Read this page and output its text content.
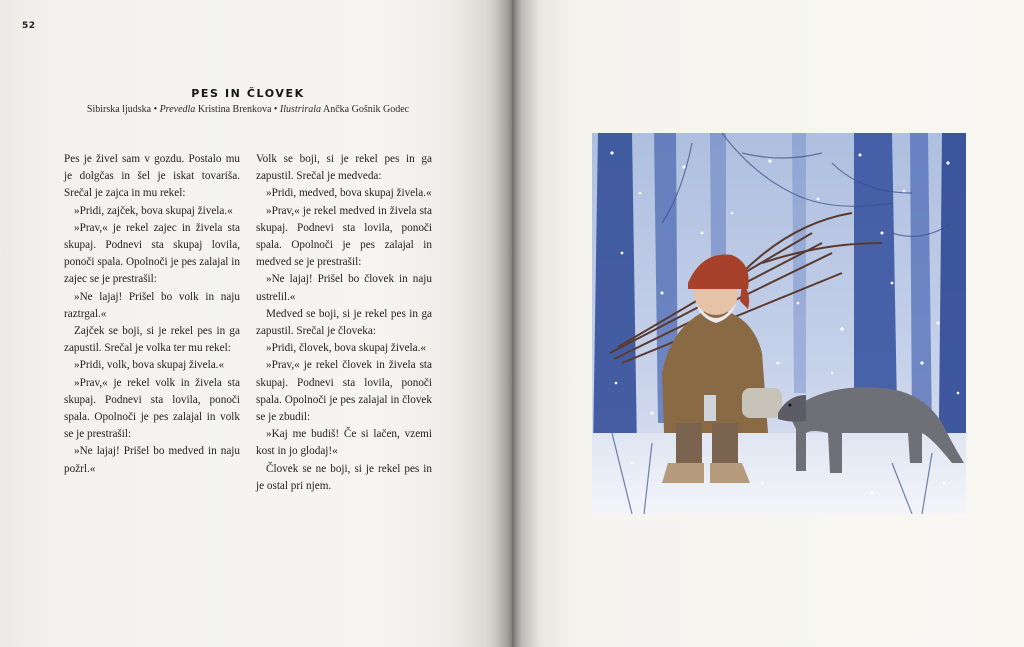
52
PES IN ČLOVEK
Sibirska ljudska • Prevedla Kristina Brenkova • Ilustrirala Ančka Gošnik Godec

Pes je živel sam v gozdu. Postalo mu je dolgčas in šel je iskat tovariša. Srečal je zajca in mu rekel:

»Pridi, zajček, bova skupaj živela.«

»Prav,« je rekel zajec in živela sta skupaj. Podnevi sta skupaj lovila, ponoči spala. Opolnoči je pes zalajal in zajec se je prestrašil:

»Ne lajaj! Prišel bo volk in naju raztrgal.«

Zajček se boji, si je rekel pes in ga zapustil. Srečal je volka ter mu rekel:

»Pridi, volk, bova skupaj živela.«

»Prav,« je rekel volk in živela sta skupaj. Podnevi sta lovila, ponoči spala. Opolnoči je pes zalajal in volk se je prestrašil:

»Ne lajaj! Prišel bo medved in naju požrl.«

Volk se boji, si je rekel pes in ga zapustil. Srečal je medveda:

»Pridi, medved, bova skupaj živela.«

»Prav,« je rekel medved in živela sta skupaj. Podnevi sta lovila, ponoči spala. Opolnoči je pes zalajal in medved se je prestrašil:

»Ne lajaj! Prišel bo človek in naju ustrelil.«

Medved se boji, si je rekel pes in ga zapustil. Srečal je človeka:

»Pridi, človek, bova skupaj živela.«

»Prav,« je rekel človek in živela sta skupaj. Podnevi sta lovila, ponoči spala. Opolnoči je pes zalajal in človek se je zbudil:

»Kaj me budiš! Če si lačen, vzemi kost in jo glodaj!«

Človek se ne boji, si je rekel pes in je ostal pri njem.
